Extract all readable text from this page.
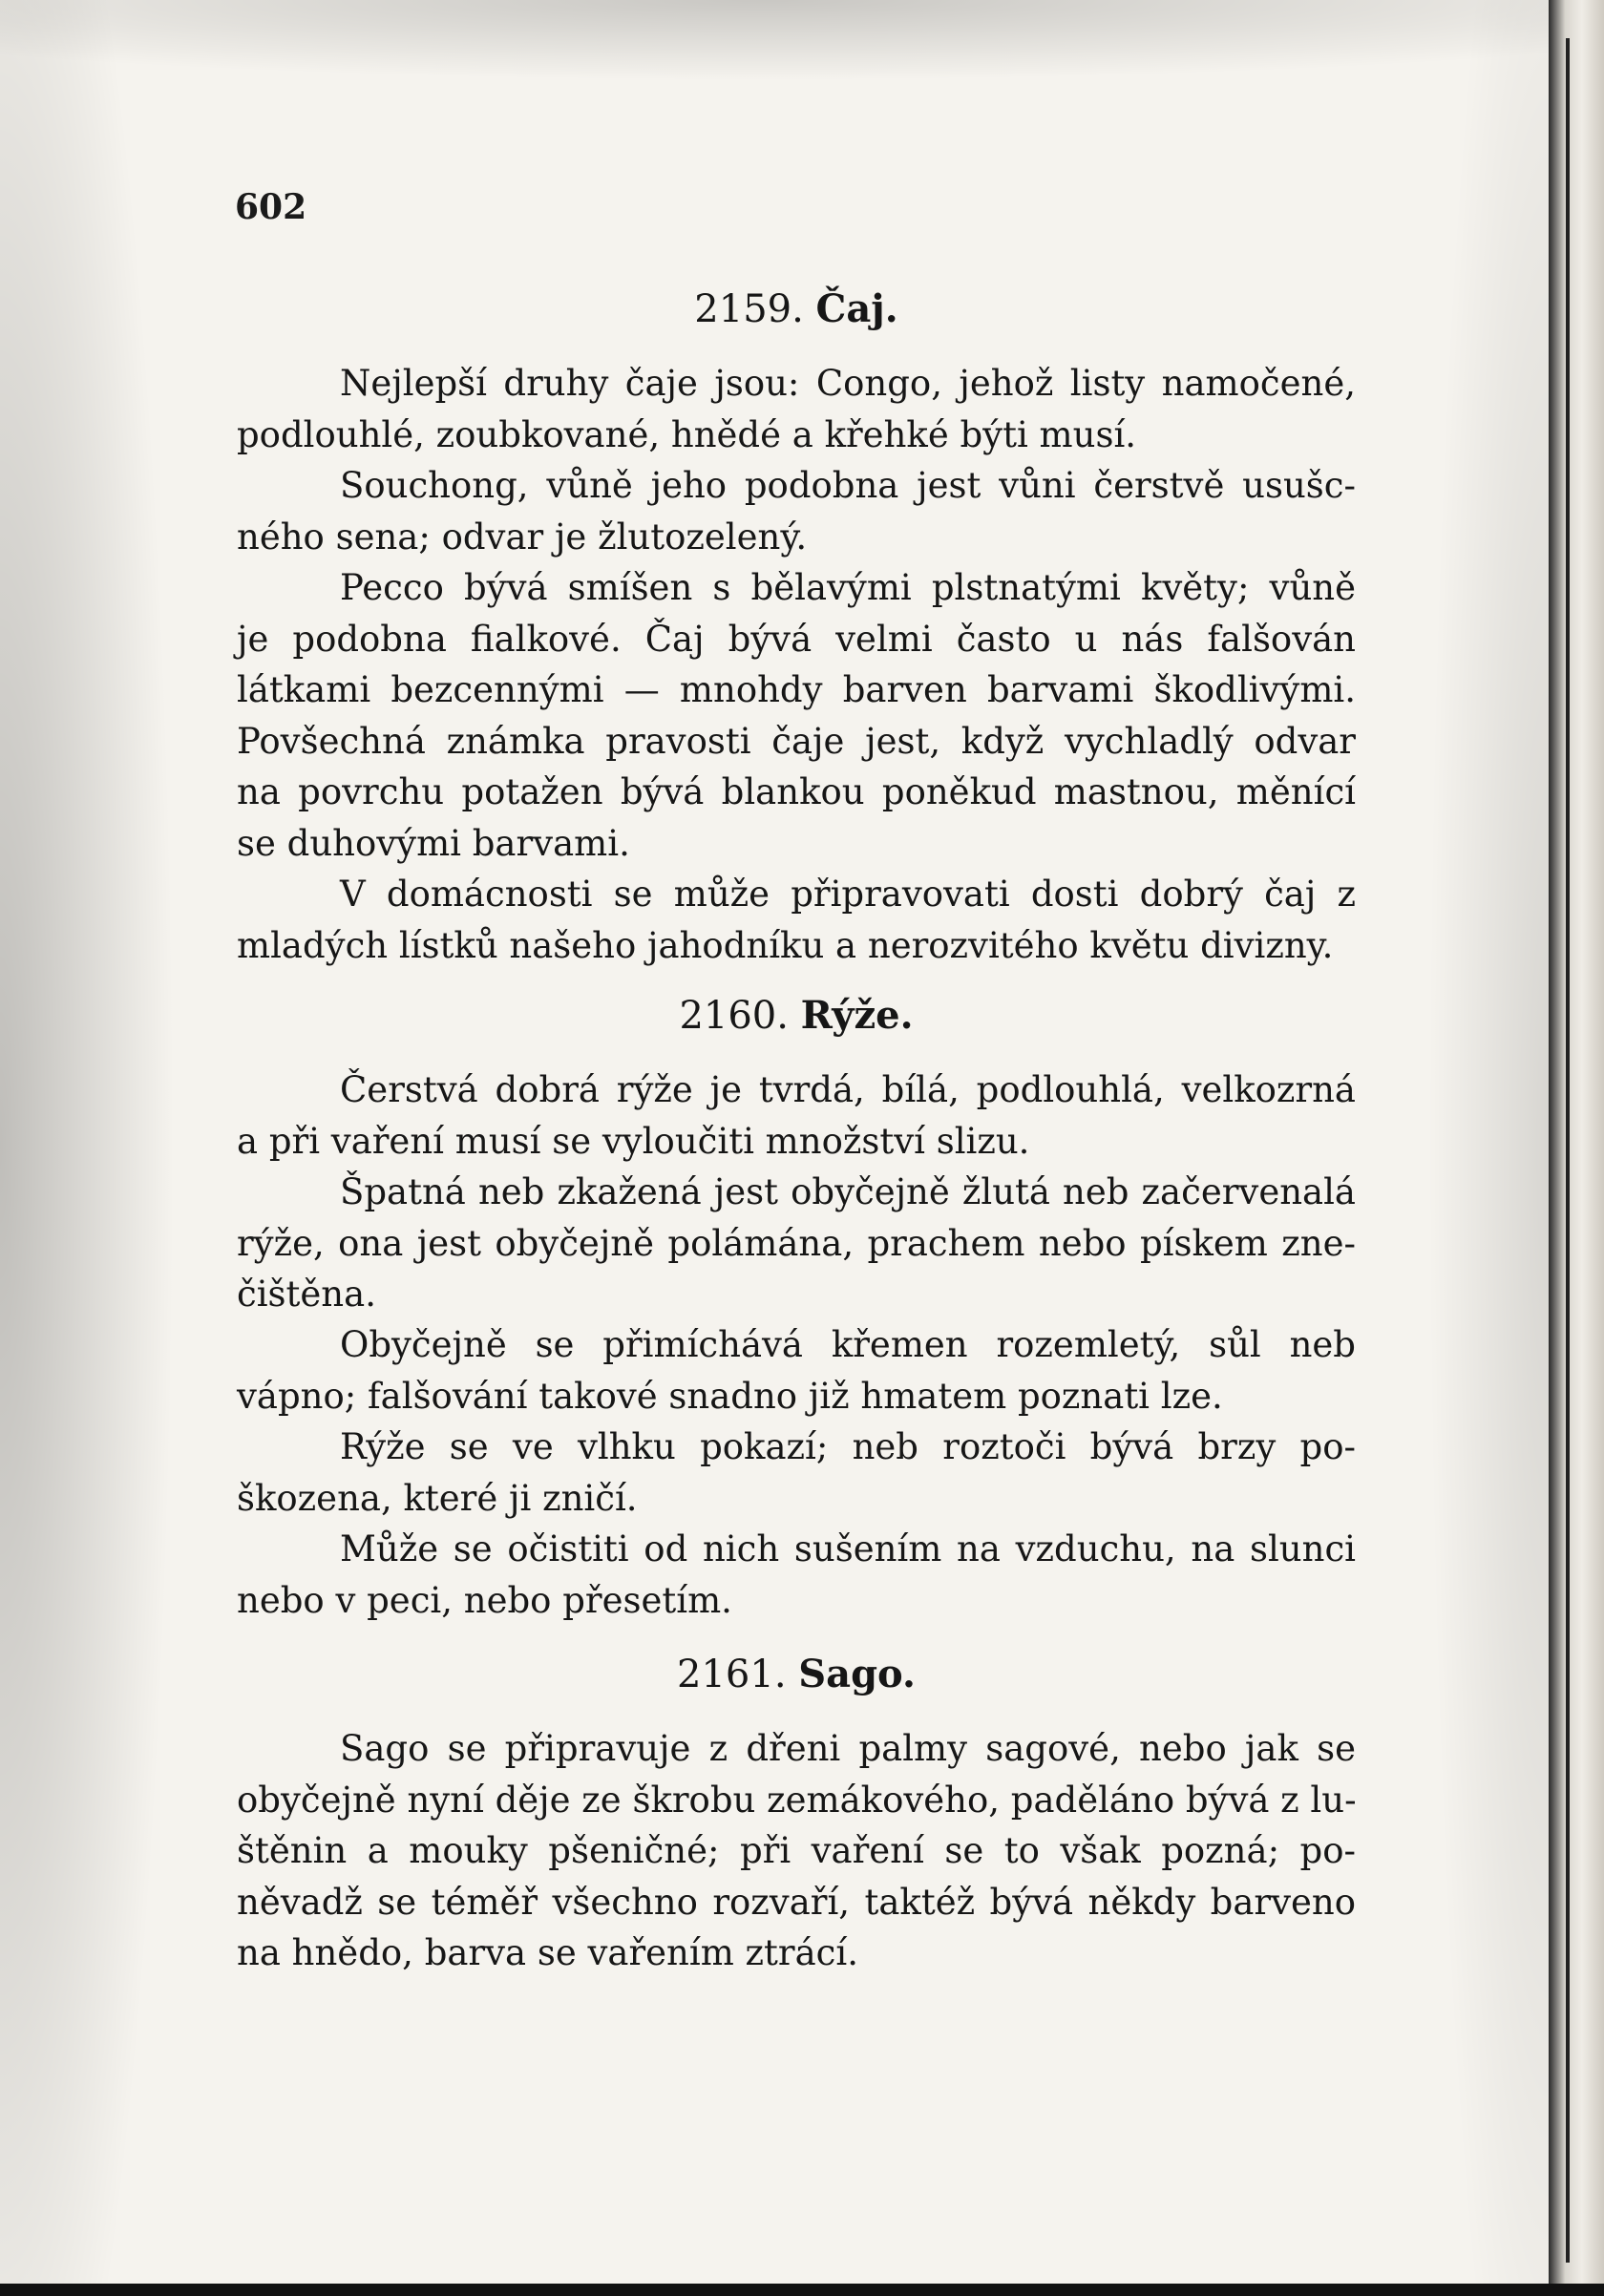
602
2159. Čaj.
Nejlepší druhy čaje jsou: Congo, jehož listy namočené,
podlouhlé, zoubkované, hnědé a křehké býti musí.
Souchong, vůně jeho podobna jest vůni čerstvě usušc-
ného sena; odvar je žlutozelený.
Pecco bývá smíšen s bělavými plstnatými květy; vůně
je podobna fialkové. Čaj bývá velmi často u nás falšován
látkami bezcennými — mnohdy barven barvami škodlivými.
Povšechná známka pravosti čaje jest, když vychladlý odvar
na povrchu potažen bývá blankou poněkud mastnou, měnící
se duhovými barvami.
V domácnosti se může připravovati dosti dobrý čaj z
mladých lístků našeho jahodníku a nerozvitého květu divizny.
2160. Rýže.
Čerstvá dobrá rýže je tvrdá, bílá, podlouhlá, velkozrná
a při vaření musí se vyloučiti množství slizu.
Špatná neb zkažená jest obyčejně žlutá neb začervenalá
rýže, ona jest obyčejně polámána, prachem nebo pískem zne-
čištěna.
Obyčejně se přimíchává křemen rozemletý, sůl neb
vápno; falšování takové snadno již hmatem poznati lze.
Rýže se ve vlhku pokazí; neb roztoči bývá brzy po-
škozena, které ji zničí.
Může se očistiti od nich sušením na vzduchu, na slunci
nebo v peci, nebo přesetím.
2161. Sago.
Sago se připravuje z dřeni palmy sagové, nebo jak se
obyčejně nyní děje ze škrobu zemákového, paděláno bývá z lu-
štěnin a mouky pšeničné; při vaření se to však pozná; po-
něvadž se téměř všechno rozvaří, taktéž bývá někdy barveno
na hnědo, barva se vařením ztrácí.
